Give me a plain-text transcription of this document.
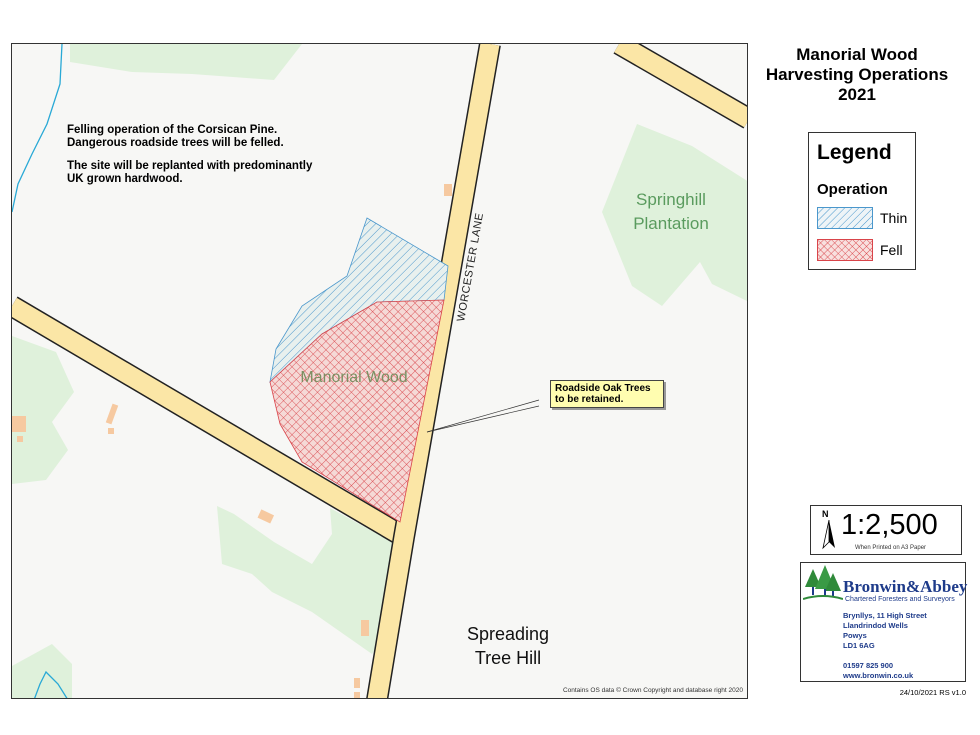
WORCESTER LANE

Felling operation of the Corsican Pine.
Dangerous roadside trees will be felled.

The site will be replanted with predominantly
UK grown hardwood.

Springhill
Plantation
Manorial Wood
Spreading
Tree Hill
Roadside Oak Trees
to be retained.
Contains OS data © Crown Copyright and database right 2020
Manorial Wood
Harvesting Operations
2021
Legend
Operation
Thin
Fell
N 1:2,500
When Printed on A3 Paper
Bronwin&Abbey
Chartered Foresters and Surveyors
Brynllys, 11 High Street
Llandrindod Wells
Powys
LD1 6AG
01597 825 900
www.bronwin.co.uk
24/10/2021 RS v1.0
